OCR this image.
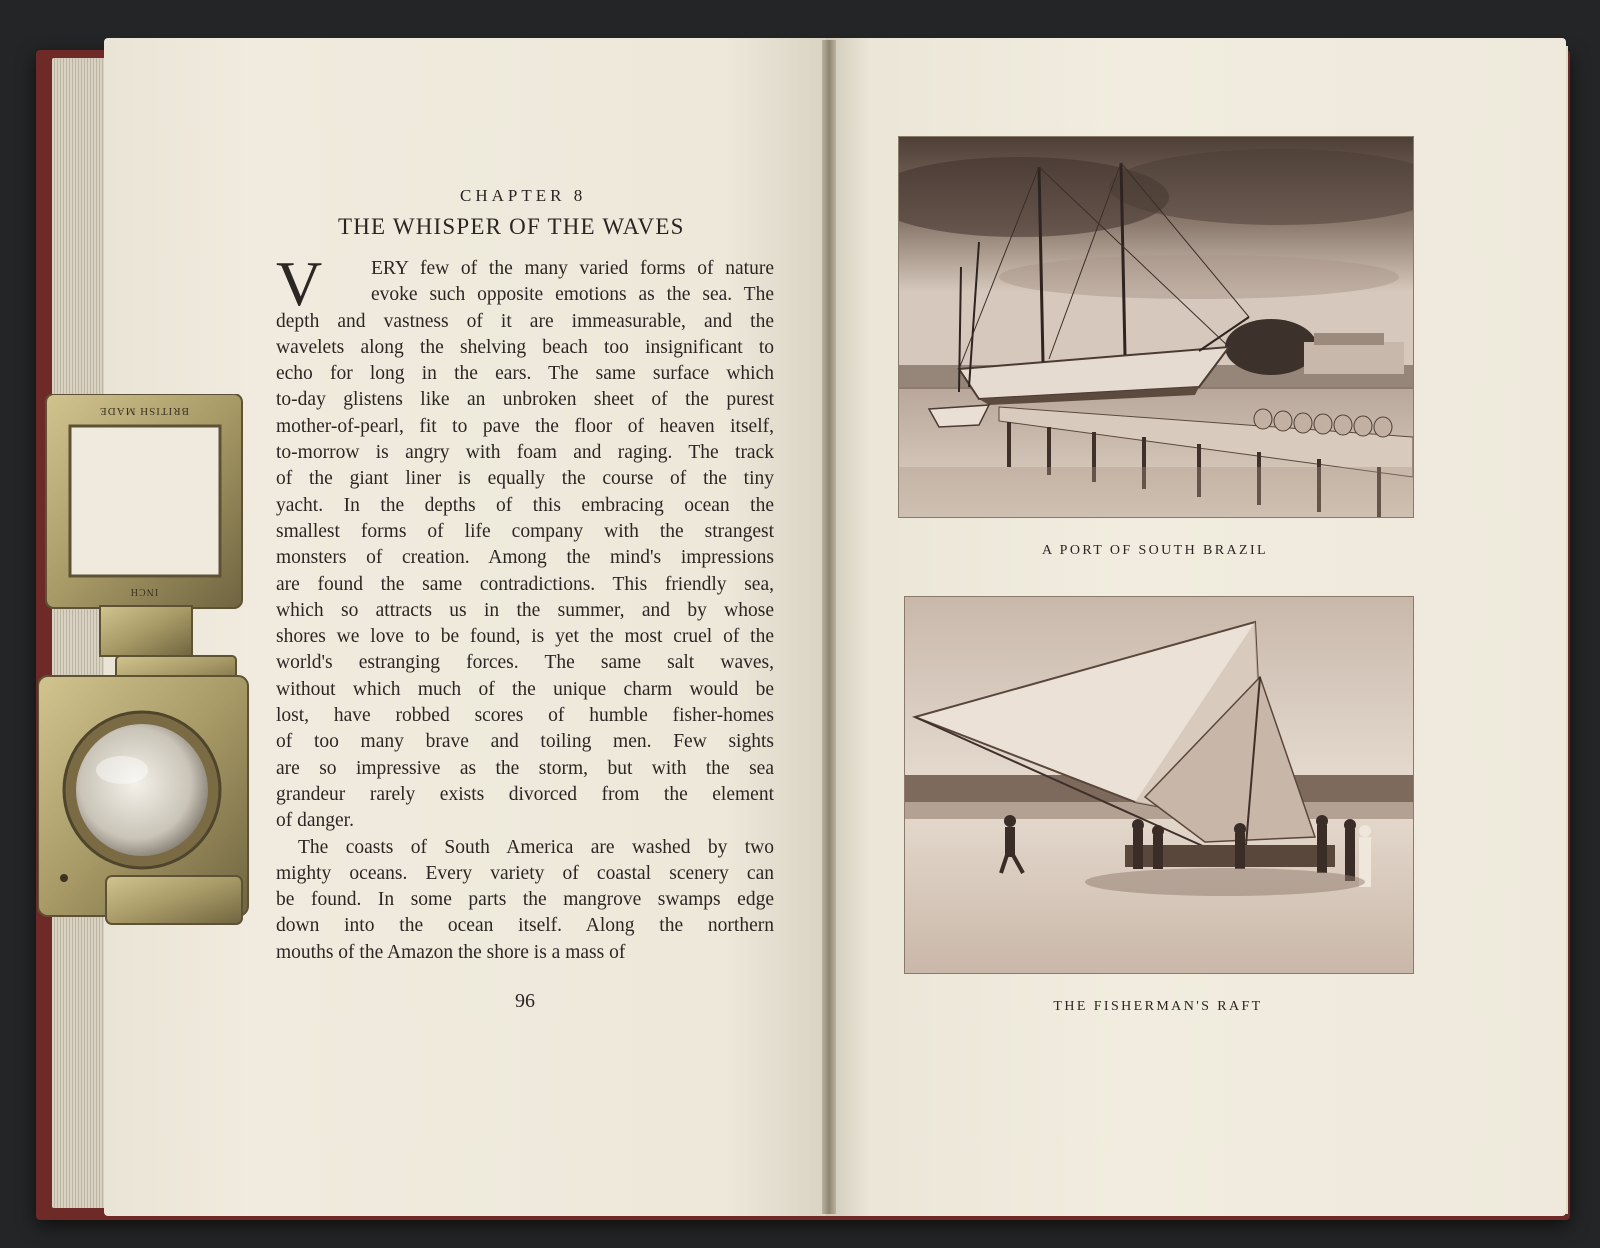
CHAPTER 8
THE WHISPER OF THE WAVES
V	ERY few of the many varied forms of nature
evoke such opposite emotions as the sea. The
depth and vastness of it are immeasurable, and the
wavelets along the shelving beach too insignificant to
echo for long in the ears. The same surface which
to-day glistens like an unbroken sheet of the purest
mother-of-pearl, fit to pave the floor of heaven itself,
to-morrow is angry with foam and raging. The track
of the giant liner is equally the course of the tiny
yacht. In the depths of this embracing ocean the
smallest forms of life company with the strangest
monsters of creation. Among the mind's impressions
are found the same contradictions. This friendly sea,
which so attracts us in the summer, and by whose
shores we love to be found, is yet the most cruel of the
world's estranging forces. The same salt waves,
without which much of the unique charm would be
lost, have robbed scores of humble fisher-homes
of too many brave and toiling men. Few sights
are so impressive as the storm, but with the sea
grandeur rarely exists divorced from the element
of danger.
The coasts of South America are washed by two
mighty oceans. Every variety of coastal scenery can
be found. In some parts the mangrove swamps edge
down into the ocean itself. Along the northern
mouths of the Amazon the shore is a mass of
96
A PORT OF SOUTH BRAZIL
THE FISHERMAN'S RAFT
BRITISH MADE
INCH
